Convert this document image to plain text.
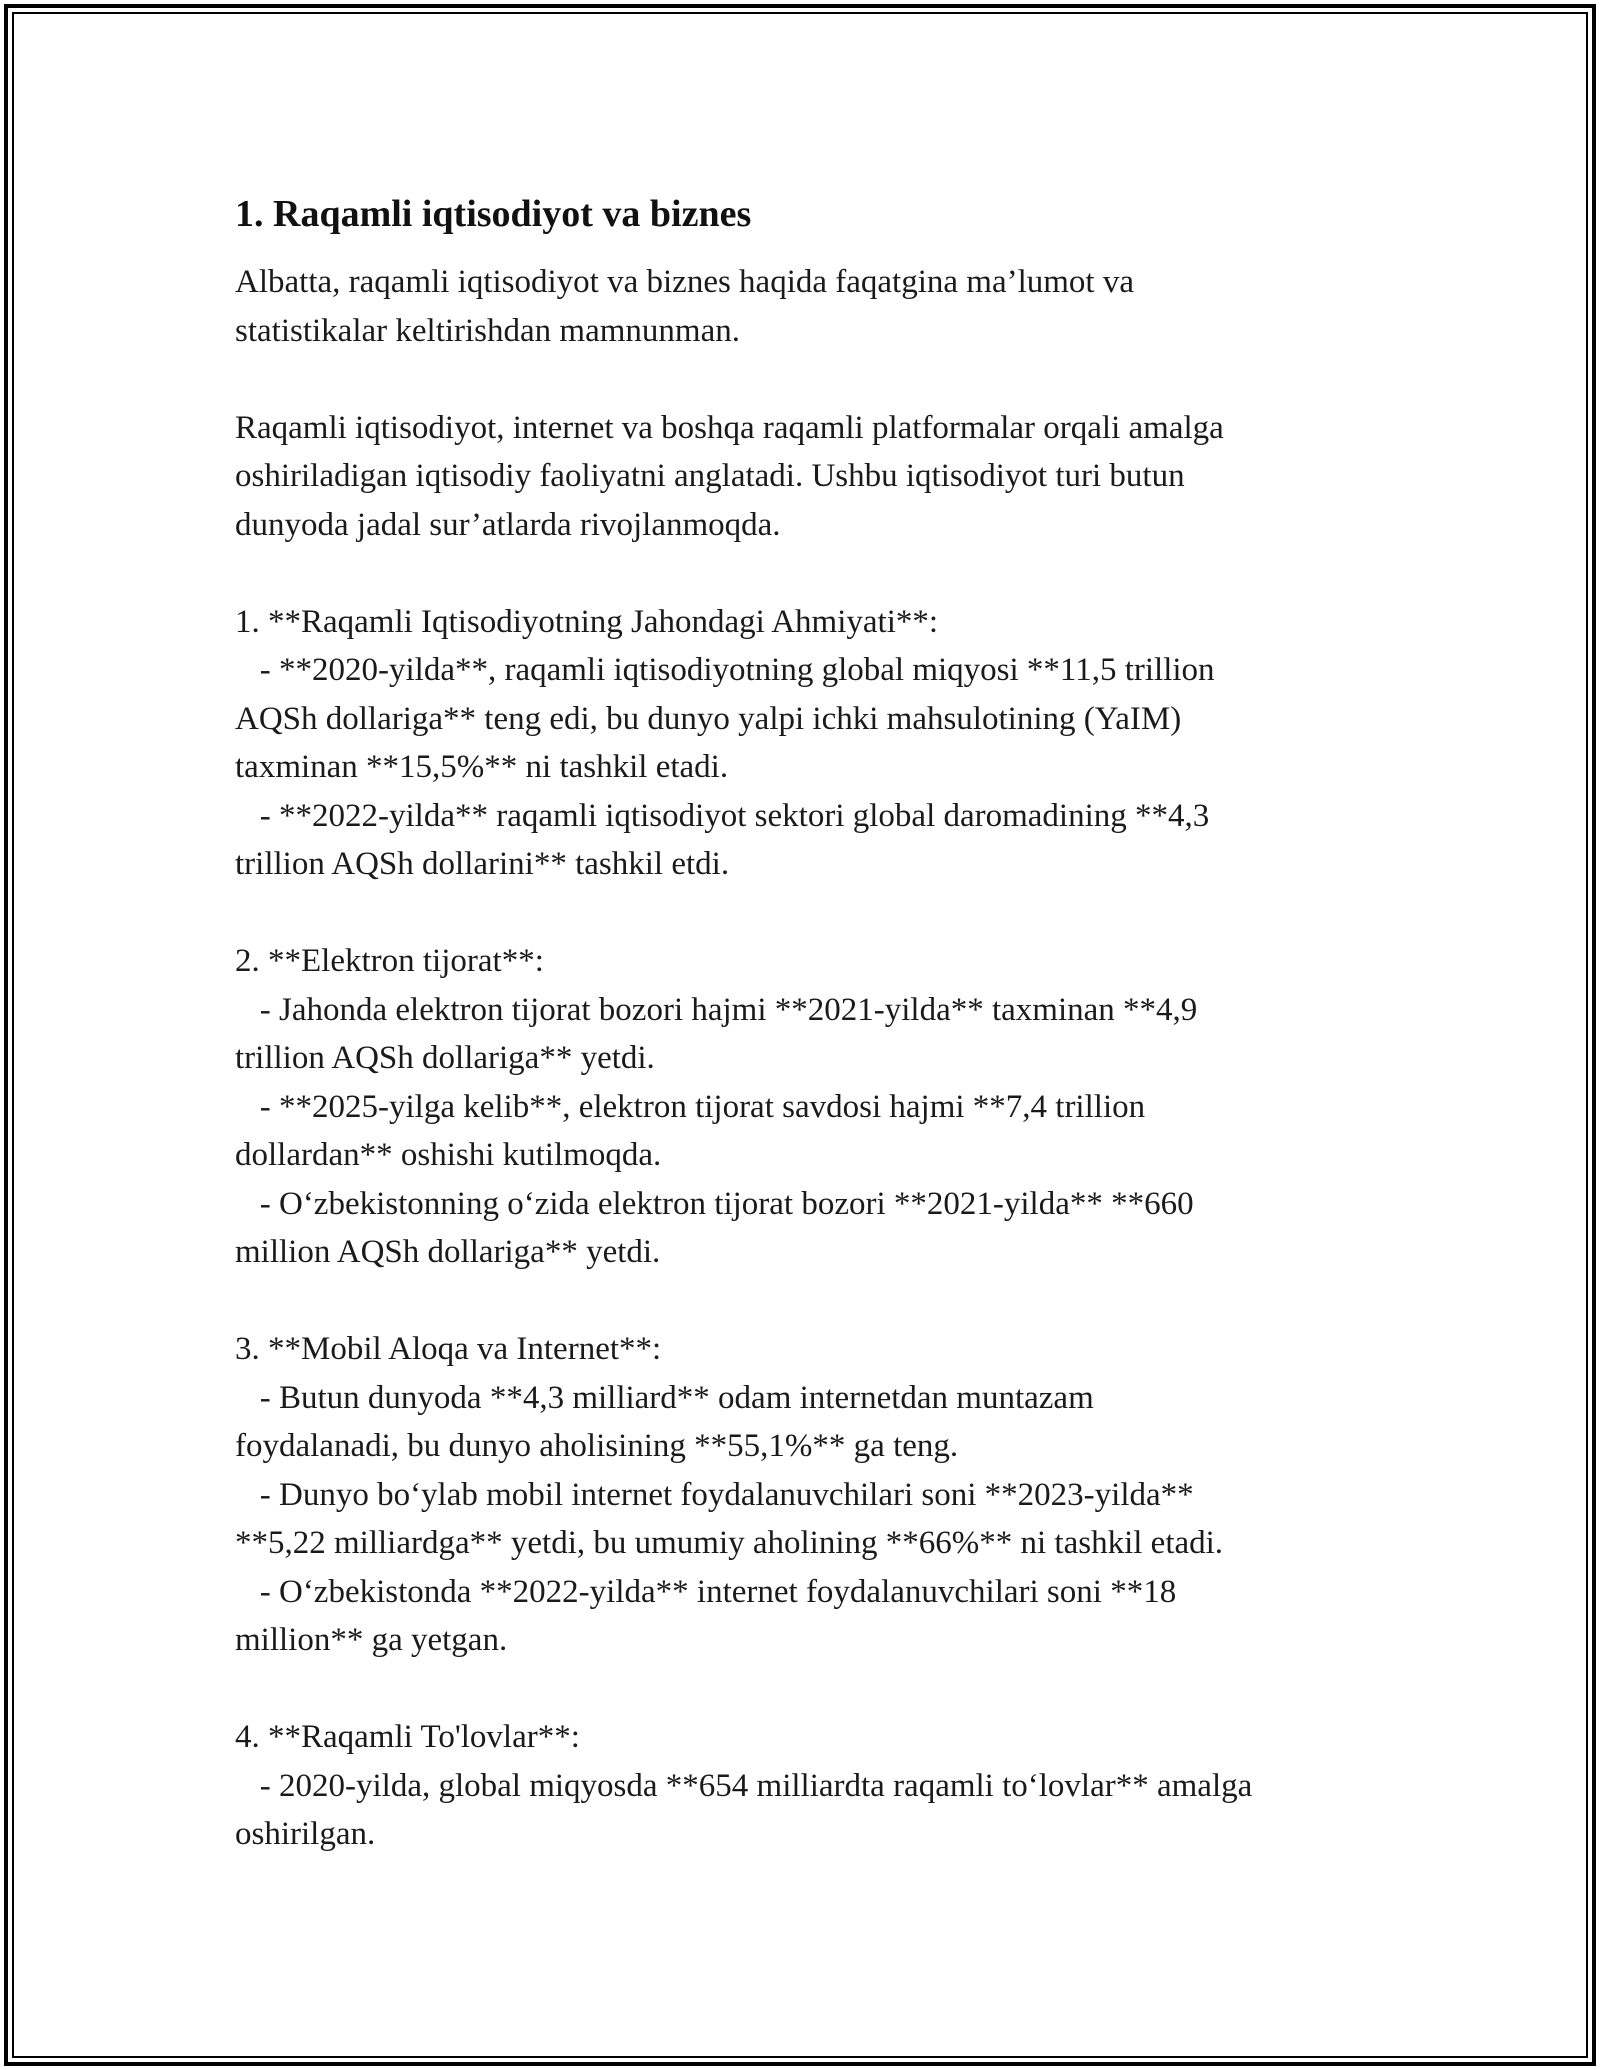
1. Raqamli iqtisodiyot va biznes

Albatta, raqamli iqtisodiyot va biznes haqida faqatgina ma’lumot va
statistikalar keltirishdan mamnunman.

Raqamli iqtisodiyot, internet va boshqa raqamli platformalar orqali amalga
oshiriladigan iqtisodiy faoliyatni anglatadi. Ushbu iqtisodiyot turi butun
dunyoda jadal sur’atlarda rivojlanmoqda.

1. **Raqamli Iqtisodiyotning Jahondagi Ahmiyati**:
- **2020-yilda**, raqamli iqtisodiyotning global miqyosi **11,5 trillion
AQSh dollariga** teng edi, bu dunyo yalpi ichki mahsulotining (YaIM)
taxminan **15,5%** ni tashkil etadi.
- **2022-yilda** raqamli iqtisodiyot sektori global daromadining **4,3
trillion AQSh dollarini** tashkil etdi.

2. **Elektron tijorat**:
- Jahonda elektron tijorat bozori hajmi **2021-yilda** taxminan **4,9
trillion AQSh dollariga** yetdi.
- **2025-yilga kelib**, elektron tijorat savdosi hajmi **7,4 trillion
dollardan** oshishi kutilmoqda.
- O‘zbekistonning o‘zida elektron tijorat bozori **2021-yilda** **660
million AQSh dollariga** yetdi.

3. **Mobil Aloqa va Internet**:
- Butun dunyoda **4,3 milliard** odam internetdan muntazam
foydalanadi, bu dunyo aholisining **55,1%** ga teng.
- Dunyo bo‘ylab mobil internet foydalanuvchilari soni **2023-yilda**
**5,22 milliardga** yetdi, bu umumiy aholining **66%** ni tashkil etadi.
- O‘zbekistonda **2022-yilda** internet foydalanuvchilari soni **18
million** ga yetgan.

4. **Raqamli To'lovlar**:
- 2020-yilda, global miqyosda **654 milliardta raqamli to‘lovlar** amalga
oshirilgan.
